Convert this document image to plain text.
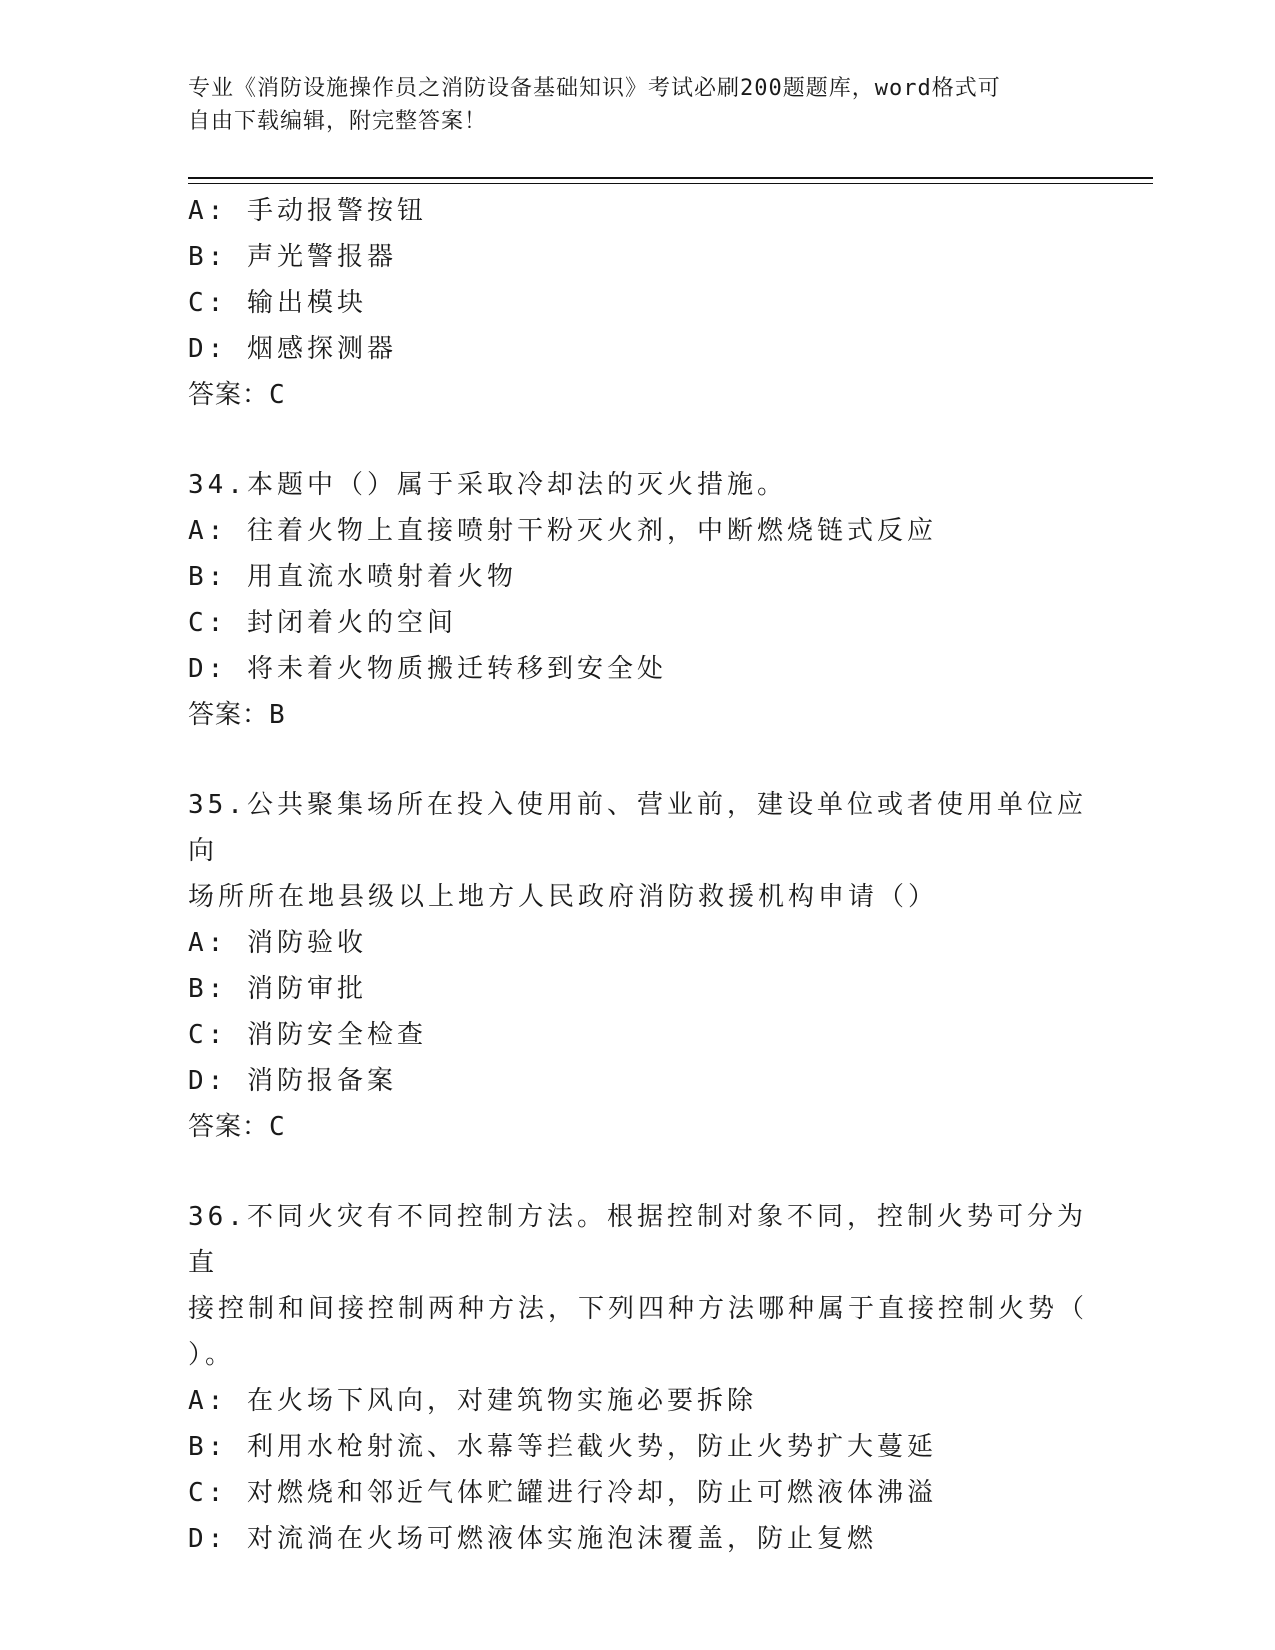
专业《消防设施操作员之消防设备基础知识》考试必刷200题题库，word格式可
自由下载编辑，附完整答案！
A: 手动报警按钮
B: 声光警报器
C: 输出模块
D: 烟感探测器
答案：C
34.本题中（）属于采取冷却法的灭火措施。
A: 往着火物上直接喷射干粉灭火剂，中断燃烧链式反应
B: 用直流水喷射着火物
C: 封闭着火的空间
D: 将未着火物质搬迁转移到安全处
答案：B
35.公共聚集场所在投入使用前、营业前，建设单位或者使用单位应向
场所所在地县级以上地方人民政府消防救援机构申请（）
A: 消防验收
B: 消防审批
C: 消防安全检查
D: 消防报备案
答案：C
36.不同火灾有不同控制方法。根据控制对象不同，控制火势可分为直
接控制和间接控制两种方法，下列四种方法哪种属于直接控制火势（
）。
A: 在火场下风向，对建筑物实施必要拆除
B: 利用水枪射流、水幕等拦截火势，防止火势扩大蔓延
C: 对燃烧和邻近气体贮罐进行冷却，防止可燃液体沸溢
D: 对流淌在火场可燃液体实施泡沫覆盖，防止复燃
